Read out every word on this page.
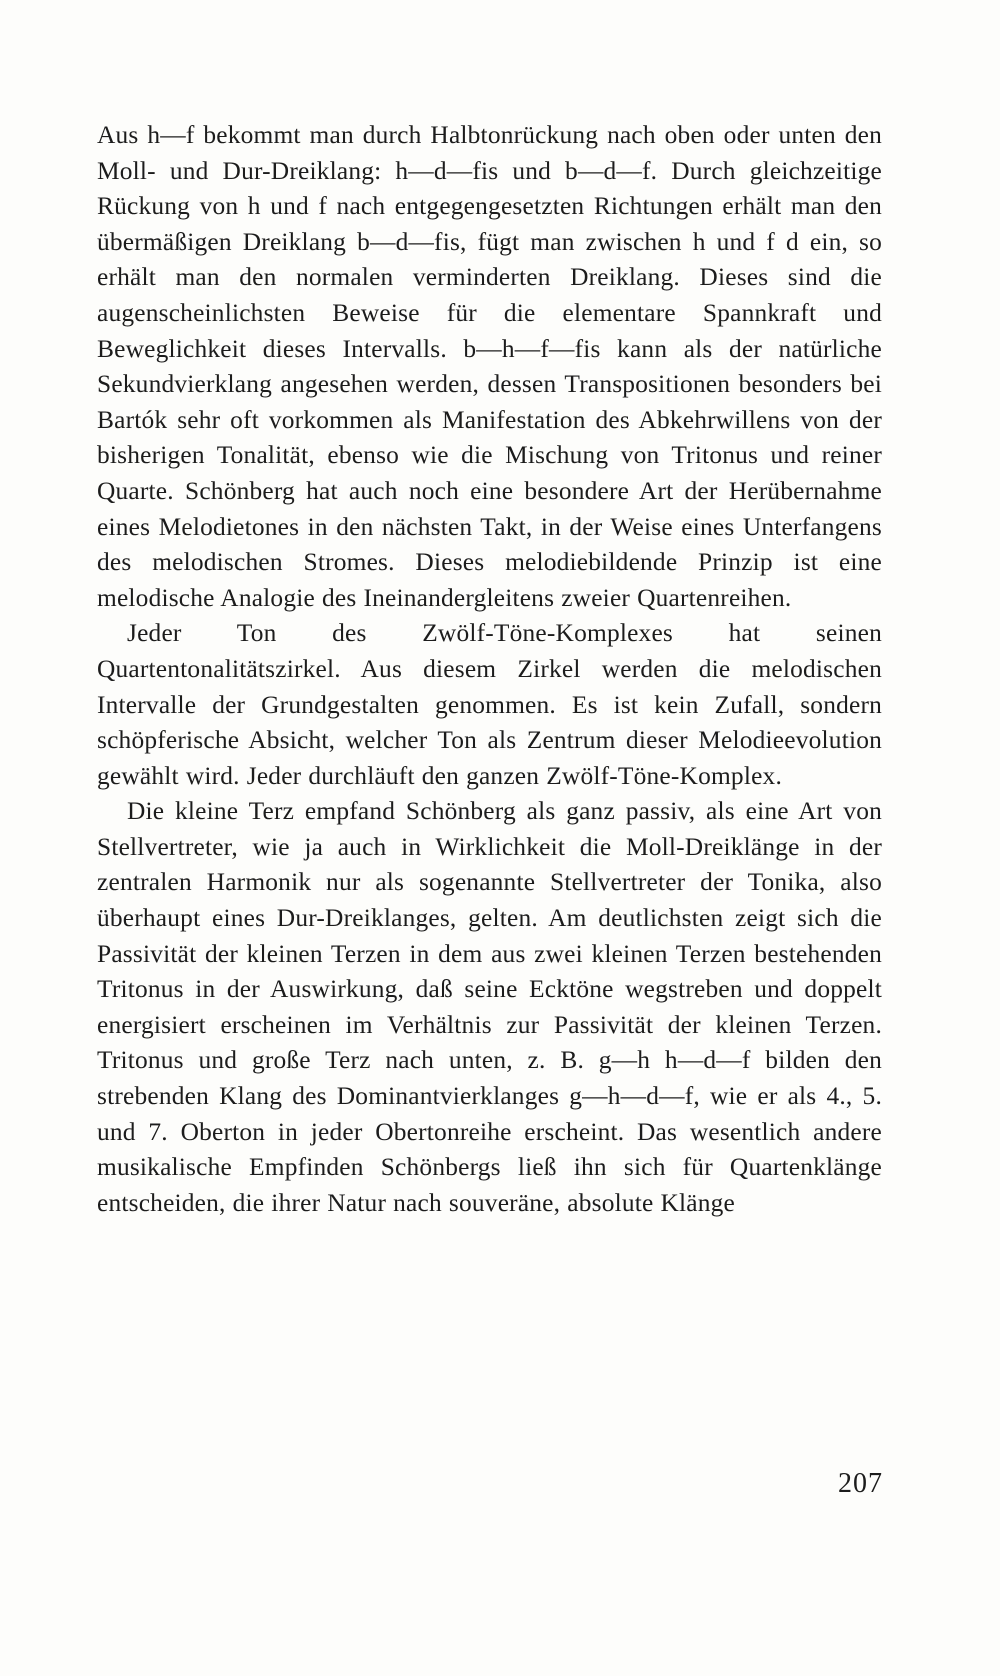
Aus h—f bekommt man durch Halbtonrückung nach oben oder unten den Moll- und Dur-Dreiklang: h—d—fis und b—d—f. Durch gleichzeitige Rückung von h und f nach entgegengesetzten Richtungen erhält man den übermäßigen Dreiklang b—d—fis, fügt man zwischen h und f d ein, so erhält man den normalen verminderten Dreiklang. Dieses sind die augenscheinlichsten Beweise für die elementare Spannkraft und Beweglichkeit dieses Intervalls. b—h—f—fis kann als der natürliche Sekundvierklang angesehen werden, dessen Transpositionen besonders bei Bartók sehr oft vorkommen als Manifestation des Abkehrwillens von der bisherigen Tonalität, ebenso wie die Mischung von Tritonus und reiner Quarte. Schönberg hat auch noch eine besondere Art der Herübernahme eines Melodietones in den nächsten Takt, in der Weise eines Unterfangens des melodischen Stromes. Dieses melodiebildende Prinzip ist eine melodische Analogie des Ineinandergleitens zweier Quartenreihen.

Jeder Ton des Zwölf-Töne-Komplexes hat seinen Quartentonalitätszirkel. Aus diesem Zirkel werden die melodischen Intervalle der Grundgestalten genommen. Es ist kein Zufall, sondern schöpferische Absicht, welcher Ton als Zentrum dieser Melodieevolution gewählt wird. Jeder durchläuft den ganzen Zwölf-Töne-Komplex.

Die kleine Terz empfand Schönberg als ganz passiv, als eine Art von Stellvertreter, wie ja auch in Wirklichkeit die Moll-Dreiklänge in der zentralen Harmonik nur als sogenannte Stellvertreter der Tonika, also überhaupt eines Dur-Dreiklanges, gelten. Am deutlichsten zeigt sich die Passivität der kleinen Terzen in dem aus zwei kleinen Terzen bestehenden Tritonus in der Auswirkung, daß seine Ecktöne wegstreben und doppelt energisiert erscheinen im Verhältnis zur Passivität der kleinen Terzen. Tritonus und große Terz nach unten, z. B. g—h h—d—f bilden den strebenden Klang des Dominantvierklanges g—h—d—f, wie er als 4., 5. und 7. Oberton in jeder Obertonreihe erscheint. Das wesentlich andere musikalische Empfinden Schönbergs ließ ihn sich für Quartenklänge entscheiden, die ihrer Natur nach souveräne, absolute Klänge

207
